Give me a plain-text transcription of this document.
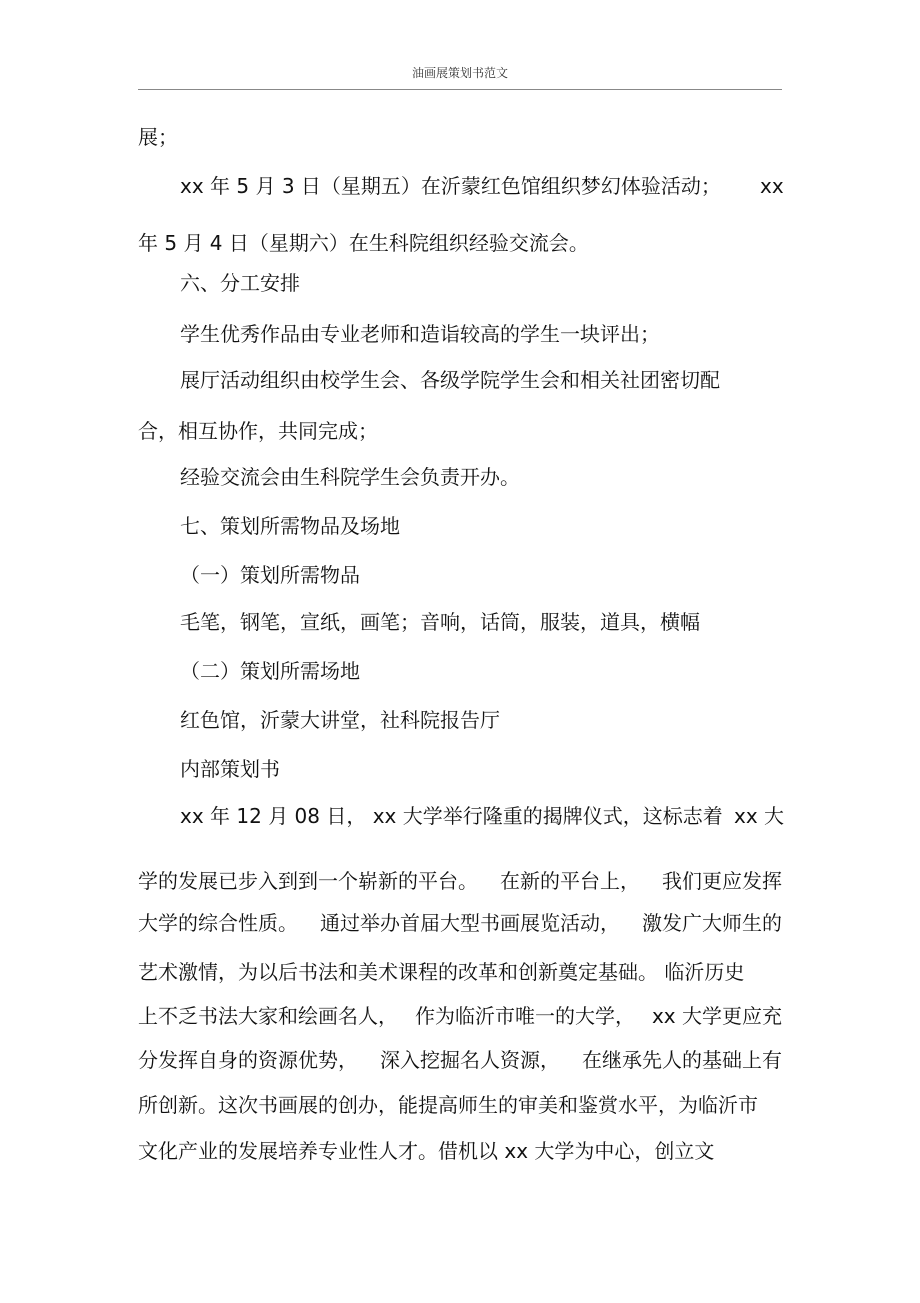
油画展策划书范文
展；
xx 年 5 月 3 日（星期五）在沂蒙红色馆组织梦幻体验活动； xx
年 5 月 4 日（星期六）在生科院组织经验交流会。
六、分工安排
学生优秀作品由专业老师和造诣较高的学生一块评出；
展厅活动组织由校学生会、各级学院学生会和相关社团密切配
合，相互协作，共同完成；
经验交流会由生科院学生会负责开办。
七、策划所需物品及场地
（一）策划所需物品
毛笔，钢笔，宣纸，画笔；音响，话筒，服装，道具，横幅
（二）策划所需场地
红色馆，沂蒙大讲堂，社科院报告厅
内部策划书
xx 年 12 月 08 日， xx 大学举行隆重的揭牌仪式，这标志着 xx 大
学的发展已步入到到一个崭新的平台。 在新的平台上， 我们更应发挥
大学的综合性质。 通过举办首届大型书画展览活动， 激发广大师生的
艺术激情，为以后书法和美术课程的改革和创新奠定基础。 临沂历史
上不乏书法大家和绘画名人， 作为临沂市唯一的大学， xx 大学更应充
分发挥自身的资源优势， 深入挖掘名人资源， 在继承先人的基础上有
所创新。这次书画展的创办，能提高师生的审美和鉴赏水平，为临沂市
文化产业的发展培养专业性人才。借机以 xx 大学为中心，创立文
